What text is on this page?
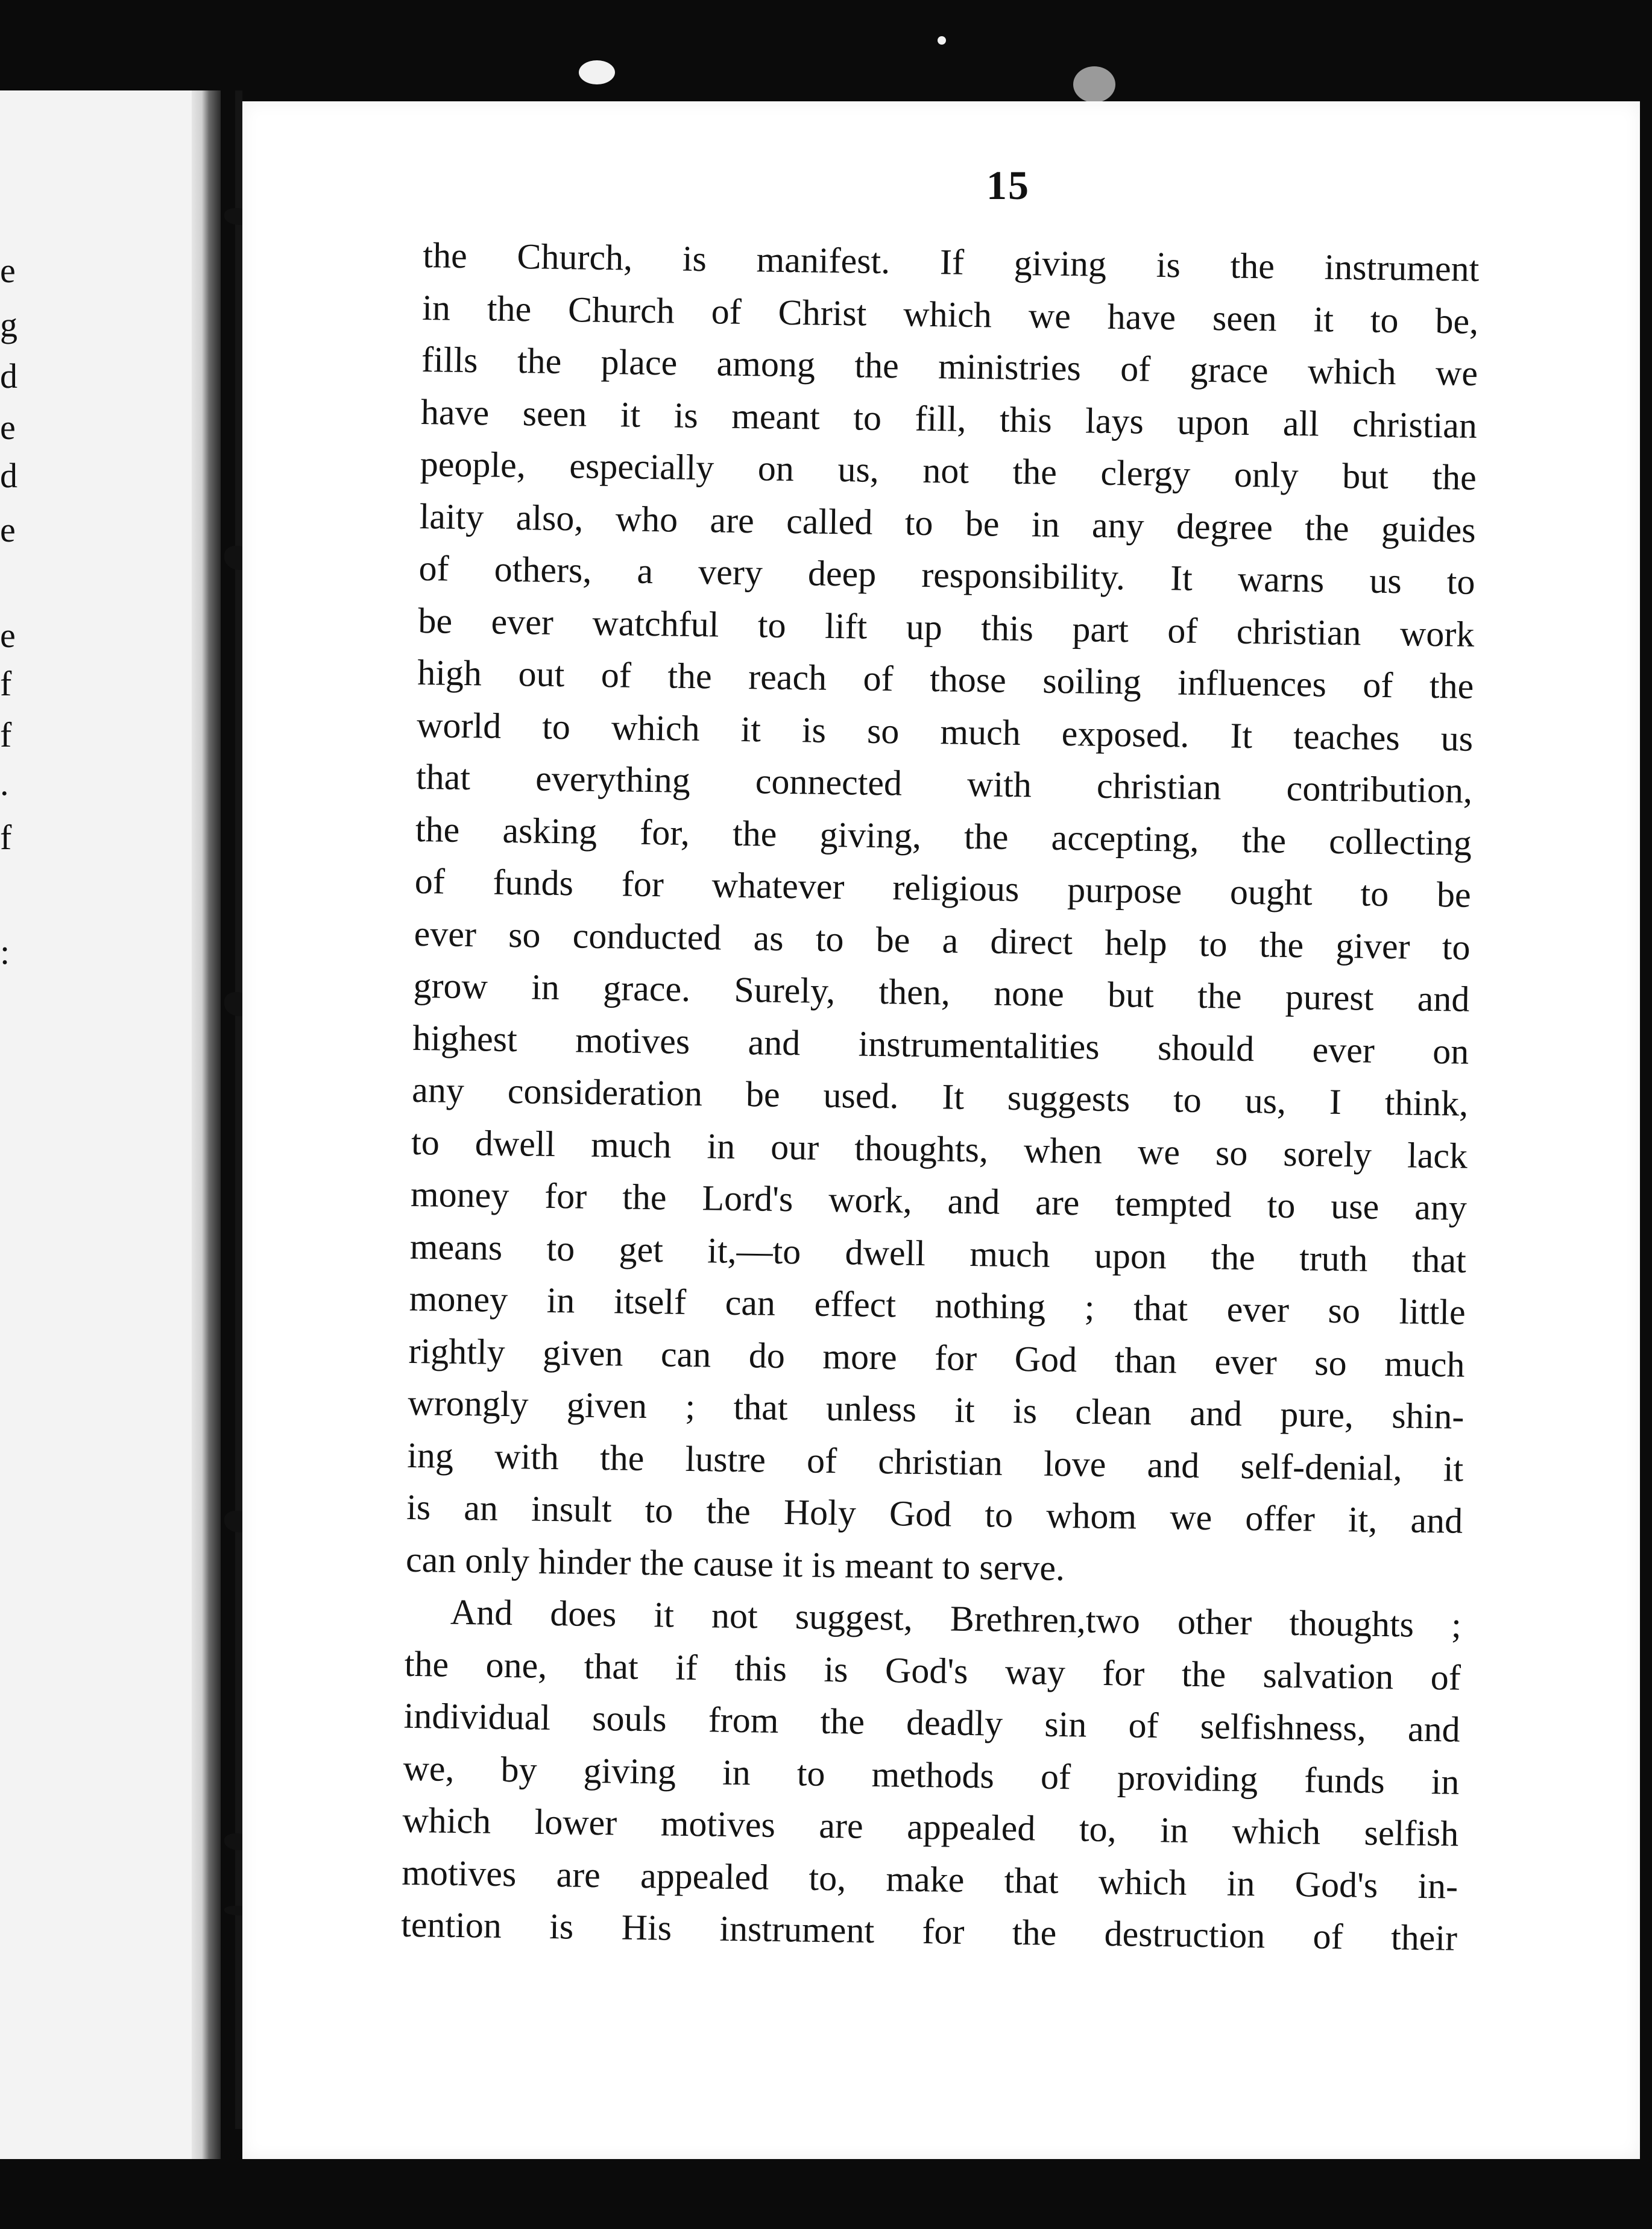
e
g
d
e
d
e
e
f
f
.
f
:
15

the Church, is manifest. If giving is the instrument

in the Church of Christ which we have seen it to be,

fills the place among the ministries of grace which we

have seen it is meant to fill, this lays upon all christian

people, especially on us, not the clergy only but the

laity also, who are called to be in any degree the guides

of others, a very deep responsibility. It warns us to

be ever watchful to lift up this part of christian work

high out of the reach of those soiling influences of the

world to which it is so much exposed. It teaches us

that everything connected with christian contribution,

the asking for, the giving, the accepting, the collecting

of funds for whatever religious purpose ought to be

ever so conducted as to be a direct help to the giver to

grow in grace. Surely, then, none but the purest and

highest motives and instrumentalities should ever on

any consideration be used. It suggests to us, I think,

to dwell much in our thoughts, when we so sorely lack

money for the Lord's work, and are tempted to use any

means to get it,—to dwell much upon the truth that

money in itself can effect nothing ; that ever so little

rightly given can do more for God than ever so much

wrongly given ; that unless it is clean and pure, shin-

ing with the lustre of christian love and self-denial, it

is an insult to the Holy God to whom we offer it, and

can only hinder the cause it is meant to serve.

And does it not suggest, Brethren,two other thoughts ;

the one, that if this is God's way for the salvation of

individual souls from the deadly sin of selfishness, and

we, by giving in to methods of providing funds in

which lower motives are appealed to, in which selfish

motives are appealed to, make that which in God's in-

tention is His instrument for the destruction of their
